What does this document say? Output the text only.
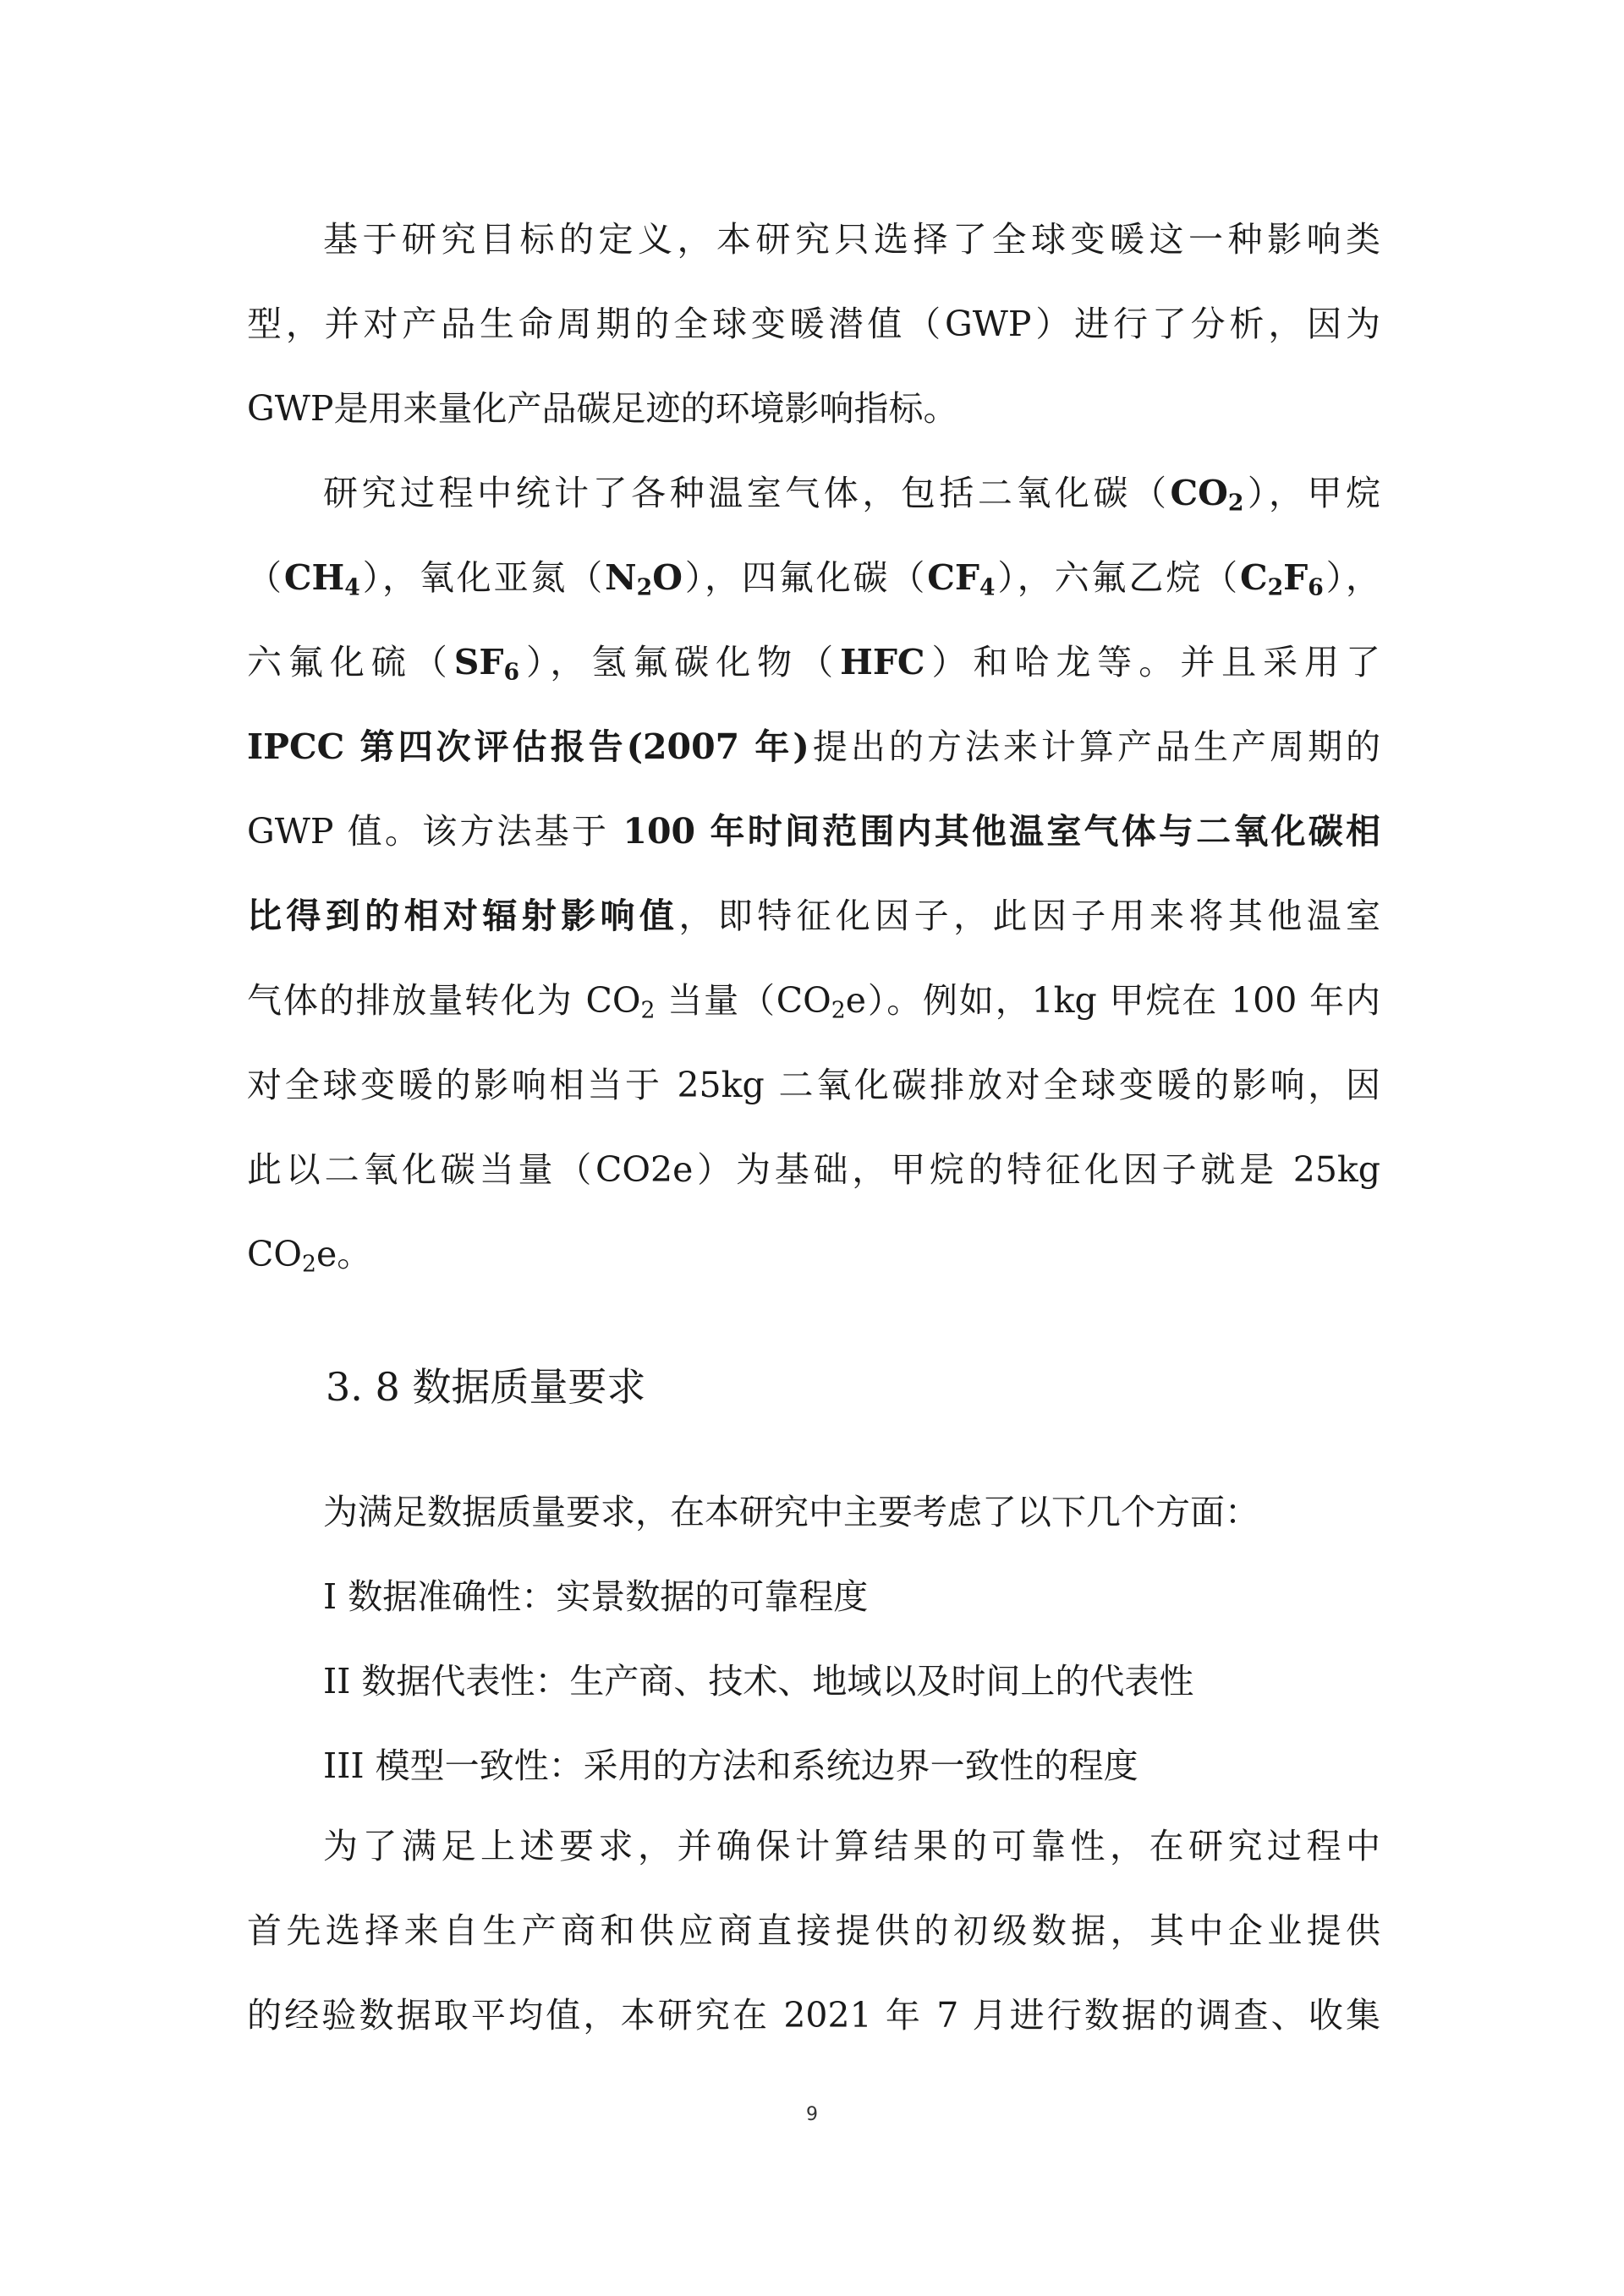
基于研究目标的定义，本研究只选择了全球变暖这一种影响类
型，并对产品生命周期的全球变暖潜值（GWP）进行了分析，因为
GWP是用来量化产品碳足迹的环境影响指标。
研究过程中统计了各种温室气体，包括二氧化碳$(CO_2)$，甲烷
$(CH_4)$，氧化亚氮$(N_2O)$，四氟化碳$(CF_4)$，六氟乙烷$(C_2F_6)$，
六氟化硫$(SF_6)$，氢氟碳化物（HFC）和哈龙等。并且采用了
IPCC 第四次评估报告(2007 年)提出的方法来计算产品生产周期的
GWP 值。该方法基于 100 年时间范围内其他温室气体与二氧化碳相
比得到的相对辐射影响值，即特征化因子，此因子用来将其他温室
气体的排放量转化为 $CO_2$ 当量$(CO_2e)$。例如，1kg 甲烷在 100 年内
对全球变暖的影响相当于 25kg 二氧化碳排放对全球变暖的影响，因
此以二氧化碳当量（CO2e）为基础，甲烷的特征化因子就是 25kg
$CO_2e$。
3. 8 数据质量要求

为满足数据质量要求，在本研究中主要考虑了以下几个方面：

I 数据准确性：实景数据的可靠程度

II 数据代表性：生产商、技术、地域以及时间上的代表性

III 模型一致性：采用的方法和系统边界一致性的程度

为了满足上述要求，并确保计算结果的可靠性，在研究过程中
首先选择来自生产商和供应商直接提供的初级数据，其中企业提供
的经验数据取平均值，本研究在 2021 年 7 月进行数据的调查、收集
9
